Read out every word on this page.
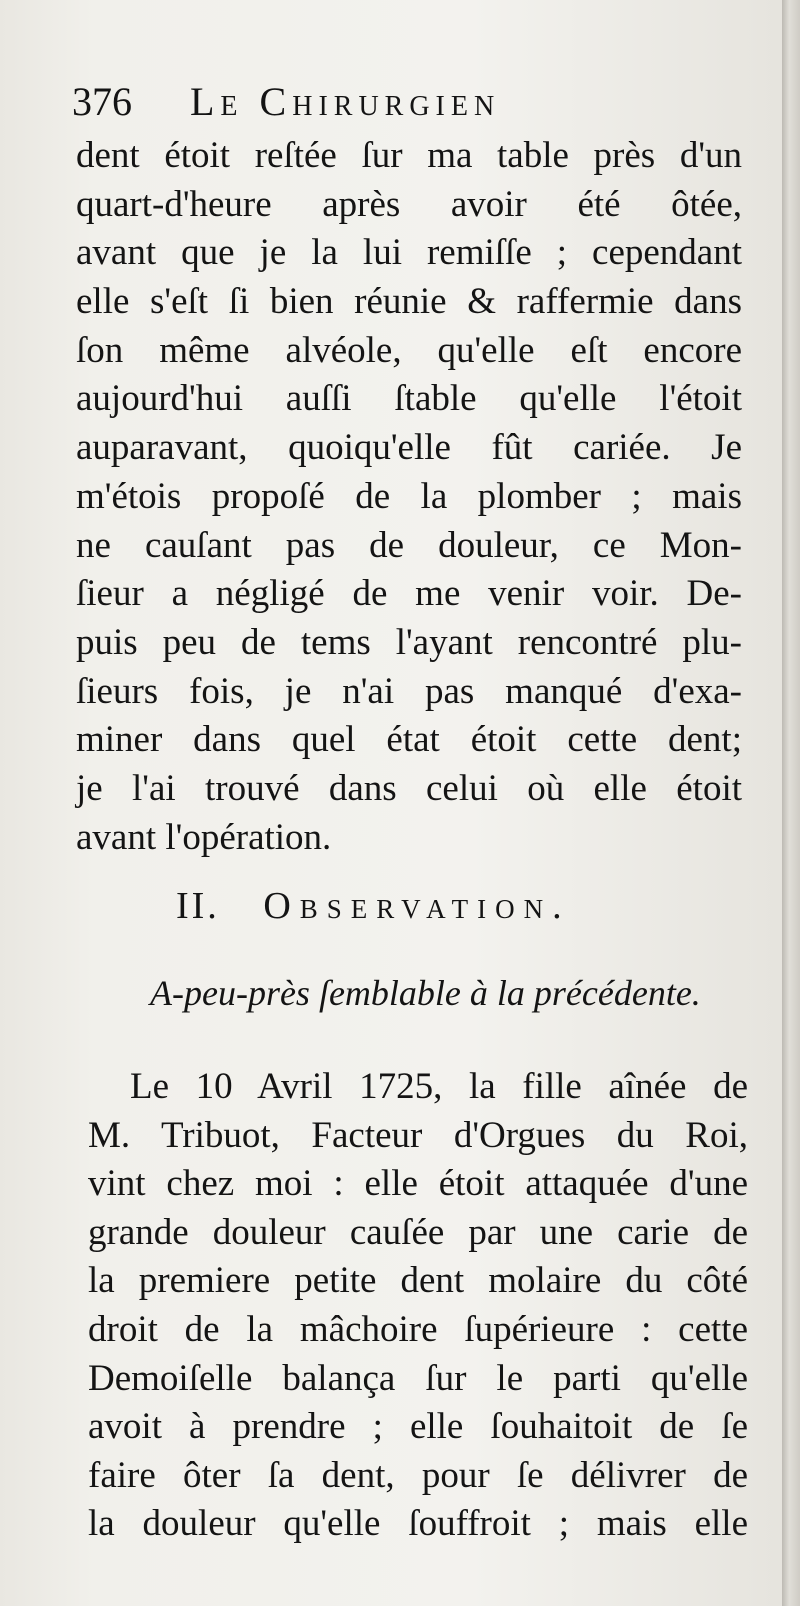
376 Le Chirurgien
dent étoit reſtée ſur ma table près d'un
quart-d'heure après avoir été ôtée,
avant que je la lui remiſſe ; cependant
elle s'eſt ſi bien réunie & raffermie dans
ſon même alvéole, qu'elle eſt encore
aujourd'hui auſſi ſtable qu'elle l'étoit
auparavant, quoiqu'elle fût cariée. Je
m'étois propoſé de la plomber ; mais
ne cauſant pas de douleur, ce Mon-
ſieur a négligé de me venir voir. De-
puis peu de tems l'ayant rencontré plu-
ſieurs fois, je n'ai pas manqué d'exa-
miner dans quel état étoit cette dent;
je l'ai trouvé dans celui où elle étoit
avant l'opération.
II. Observation.
A-peu-près ſemblable à la précédente.
Le 10 Avril 1725, la fille aînée de
M. Tribuot, Facteur d'Orgues du Roi,
vint chez moi : elle étoit attaquée d'une
grande douleur cauſée par une carie de
la premiere petite dent molaire du côté
droit de la mâchoire ſupérieure : cette
Demoiſelle balança ſur le parti qu'elle
avoit à prendre ; elle ſouhaitoit de ſe
faire ôter ſa dent, pour ſe délivrer de
la douleur qu'elle ſouffroit ; mais elle
